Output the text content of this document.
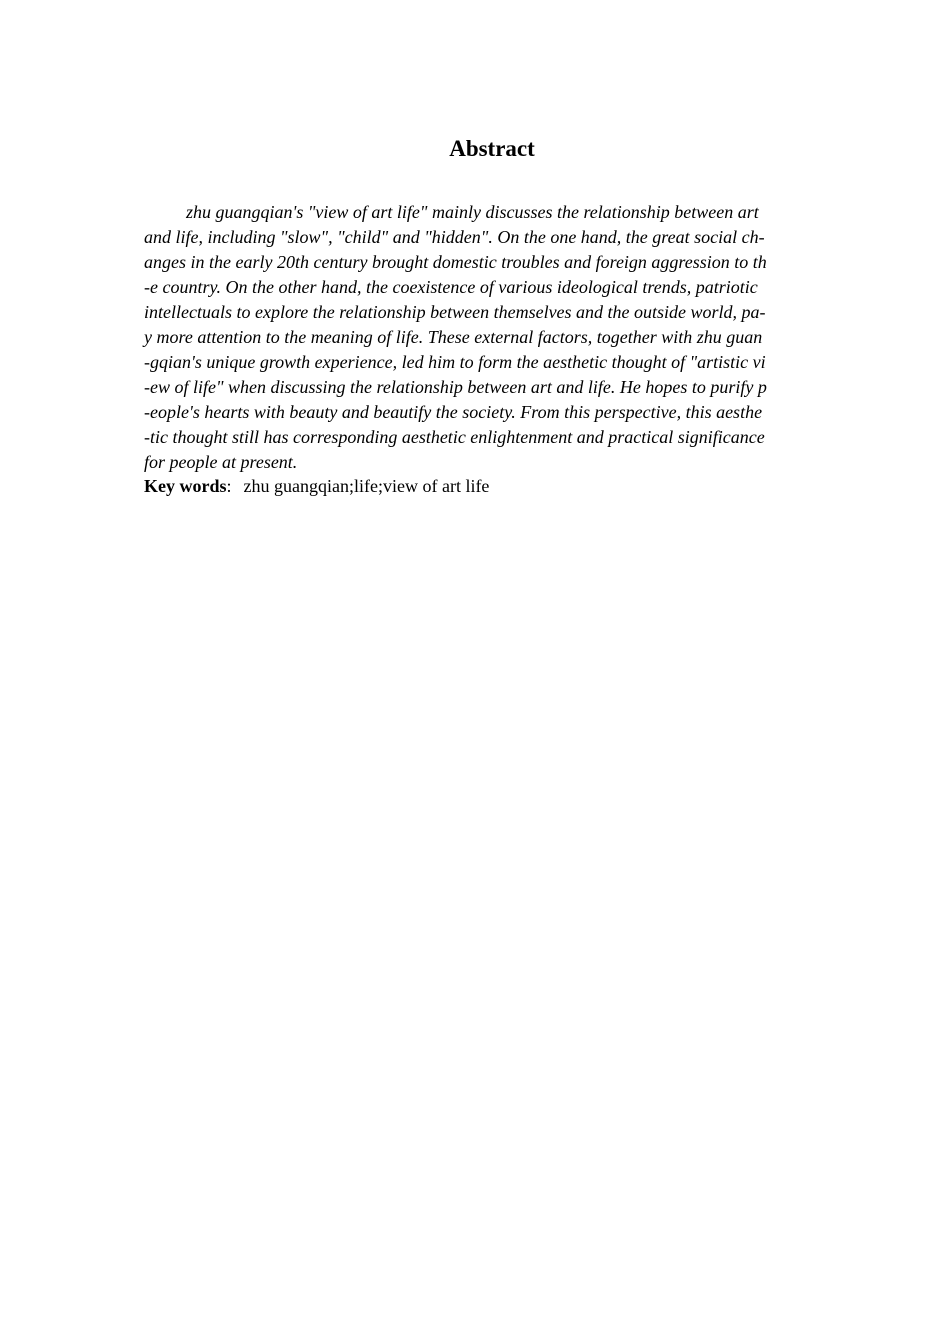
Abstract
zhu guangqian's "view of art life" mainly discusses the relationship between art
and life, including "slow", "child" and "hidden". On the one hand, the great social ch-
anges in the early 20th century brought domestic troubles and foreign aggression to th
-e country. On the other hand, the coexistence of various ideological trends, patriotic
intellectuals to explore the relationship between themselves and the outside world, pa-
y more attention to the meaning of life. These external factors, together with zhu guan
-gqian's unique growth experience, led him to form the aesthetic thought of "artistic vi
-ew of life" when discussing the relationship between art and life. He hopes to purify p
-eople's hearts with beauty and beautify the society. From this perspective, this aesthe
-tic thought still has corresponding aesthetic enlightenment and practical significance
for people at present.
Key words: zhu guangqian;life;view of art life
